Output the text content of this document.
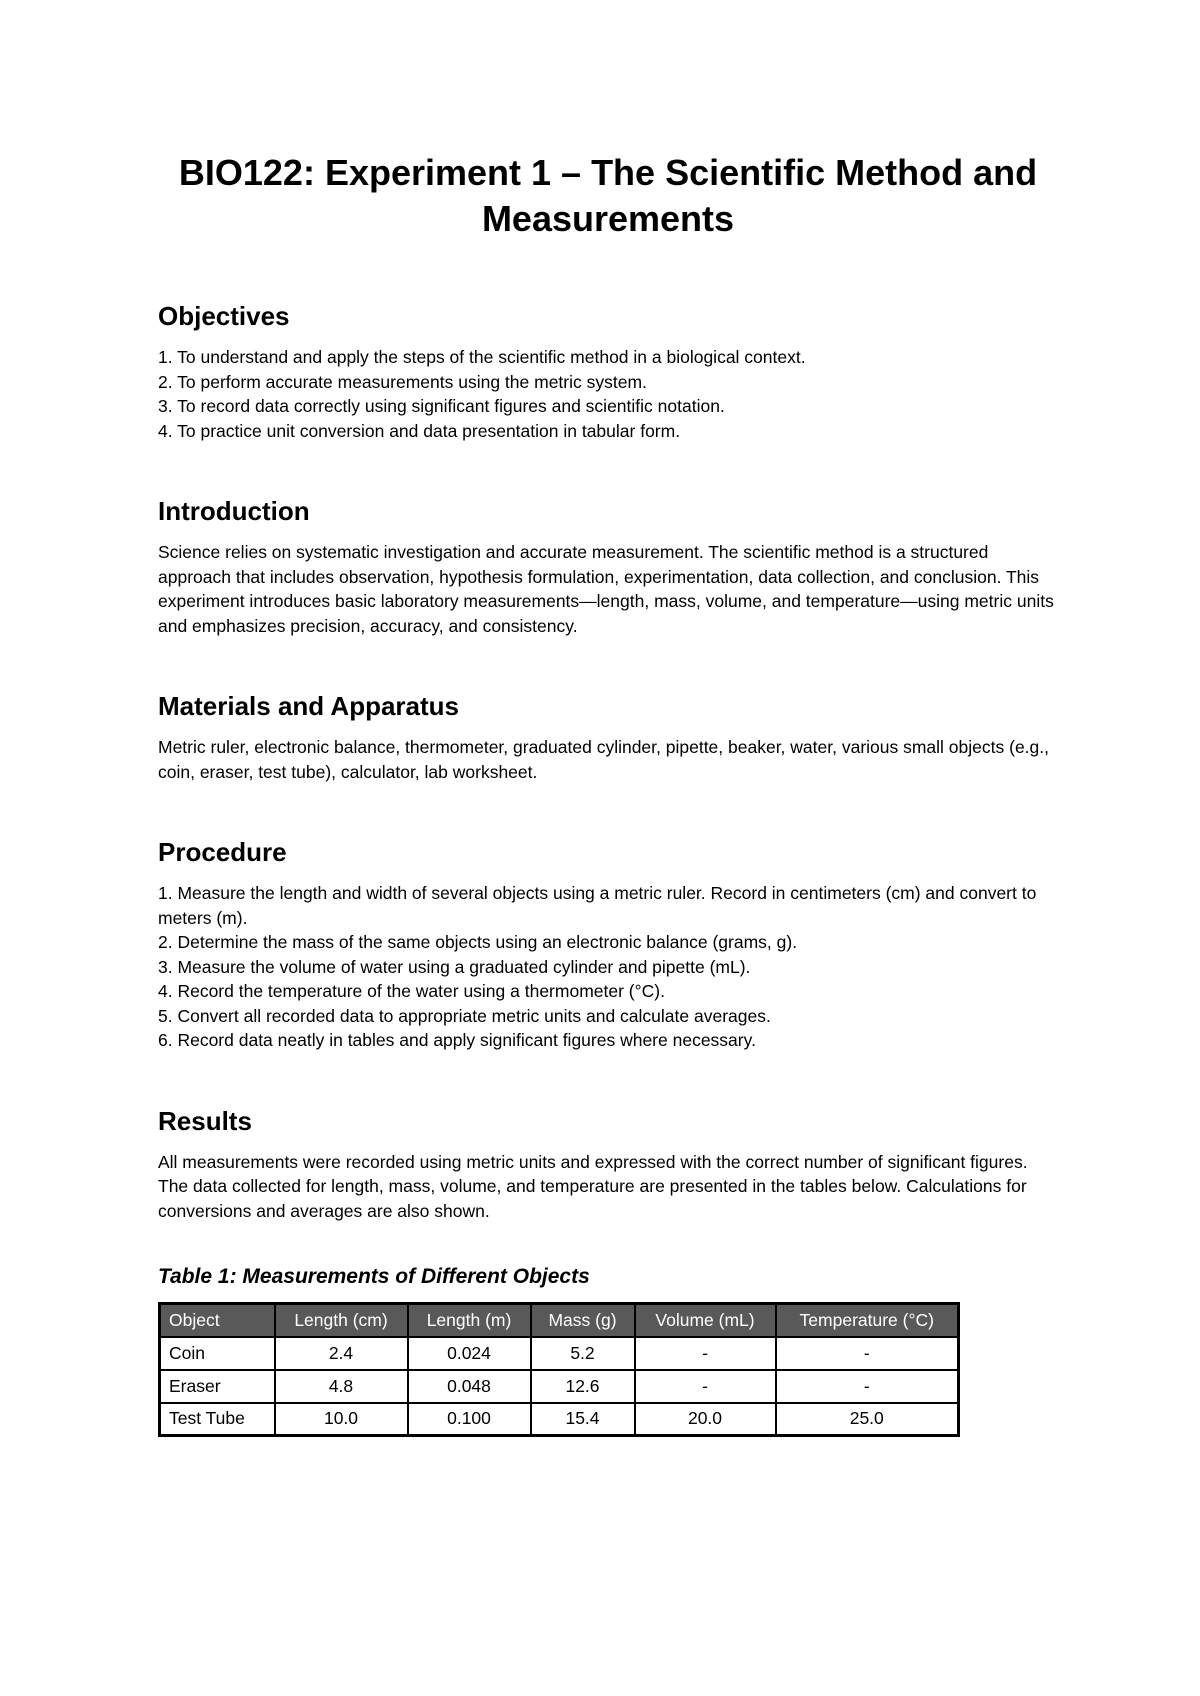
BIO122: Experiment 1 – The Scientific Method and Measurements
Objectives
1. To understand and apply the steps of the scientific method in a biological context.
2. To perform accurate measurements using the metric system.
3. To record data correctly using significant figures and scientific notation.
4. To practice unit conversion and data presentation in tabular form.
Introduction

Science relies on systematic investigation and accurate measurement. The scientific method is a structured approach that includes observation, hypothesis formulation, experimentation, data collection, and conclusion. This experiment introduces basic laboratory measurements—length, mass, volume, and temperature—using metric units and emphasizes precision, accuracy, and consistency.

Materials and Apparatus

Metric ruler, electronic balance, thermometer, graduated cylinder, pipette, beaker, water, various small objects (e.g., coin, eraser, test tube), calculator, lab worksheet.

Procedure
1. Measure the length and width of several objects using a metric ruler. Record in centimeters (cm) and convert to meters (m).
2. Determine the mass of the same objects using an electronic balance (grams, g).
3. Measure the volume of water using a graduated cylinder and pipette (mL).
4. Record the temperature of the water using a thermometer (°C).
5. Convert all recorded data to appropriate metric units and calculate averages.
6. Record data neatly in tables and apply significant figures where necessary.
Results

All measurements were recorded using metric units and expressed with the correct number of significant figures. The data collected for length, mass, volume, and temperature are presented in the tables below. Calculations for conversions and averages are also shown.

Table 1: Measurements of Different Objects

Object	Length (cm)	Length (m)	Mass (g)	Volume (mL)	Temperature (°C)
Coin	2.4	0.024	5.2	-	-
Eraser	4.8	0.048	12.6	-	-
Test Tube	10.0	0.100	15.4	20.0	25.0
